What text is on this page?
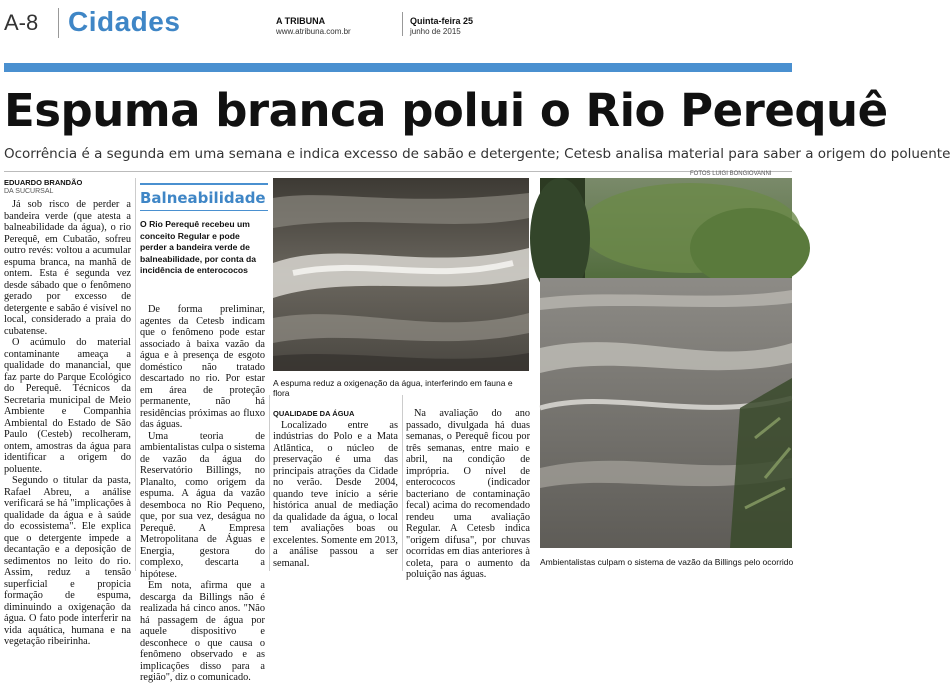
A-8 Cidades	A TRIBUNA
www.atribuna.com.br
Quinta-feira 25
junho de 2015
Espuma branca polui o Rio Perequê
Ocorrência é a segunda em uma semana e indica excesso de sabão e detergente; Cetesb analisa material para saber a origem do poluente
EDUARDO BRANDÃO
DA SUCURSAL

Já sob risco de perder a bandeira verde (que atesta a balneabilidade da água), o rio Perequê, em Cubatão, sofreu outro revés: voltou a acumular espuma branca, na manhã de ontem. Esta é segunda vez desde sábado que o fenômeno gerado por excesso de detergente e sabão é visível no local, considerado a praia do cubatense.

O acúmulo do material contaminante ameaça a qualidade do manancial, que faz parte do Parque Ecológico do Perequê. Técnicos da Secretaria municipal de Meio Ambiente e Companhia Ambiental do Estado de São Paulo (Cesteb) recolheram, ontem, amostras da água para identificar a origem do poluente.

Segundo o titular da pasta, Rafael Abreu, a análise verificará se há "implicações à qualidade da água e à saúde do ecossistema". Ele explica que o detergente impede a decantação e a deposição de sedimentos no leito do rio. Assim, reduz a tensão superficial e propicia formação de espuma, diminuindo a oxigenação da água. O fato pode interferir na vida aquática, humana e na vegetação ribeirinha.

Balneabilidade
O Rio Perequê recebeu um conceito Regular e pode perder a bandeira verde de balneabilidade, por conta da incidência de enterococos

De forma preliminar, agentes da Cetesb indicam que o fenômeno pode estar associado à baixa vazão da água e à presença de esgoto doméstico não tratado descartado no rio. Por estar em área de proteção permanente, não há residências próximas ao fluxo das águas.

Uma teoria de ambientalistas culpa o sistema de vazão da água do Reservatório Billings, no Planalto, como origem da espuma. A água da vazão desemboca no Rio Pequeno, que, por sua vez, deságua no Perequê. A Empresa Metropolitana de Águas e Energia, gestora do complexo, descarta a hipótese.

Em nota, afirma que a descarga da Billings não é realizada há cinco anos. "Não há passagem de água por aquele dispositivo e desconhece o que causa o fenômeno observado e as implicações disso para a região", diz o comunicado.

QUALIDADE DA ÁGUA

Localizado entre as indústrias do Polo e a Mata Atlântica, o núcleo de preservação é uma das principais atrações da Cidade no verão. Desde 2004, quando teve início a série histórica anual de mediação da qualidade da água, o local tem avaliações boas ou excelentes. Somente em 2013, a análise passou a ser semanal.

Na avaliação do ano passado, divulgada há duas semanas, o Perequê ficou por três semanas, entre maio e abril, na condição de imprópria. O nível de enterococos (indicador bacteriano de contaminação fecal) acima do recomendado rendeu uma avaliação Regular. A Cetesb indica "origem difusa", por chuvas ocorridas em dias anteriores à coleta, para o aumento da poluição nas águas.

A espuma reduz a oxigenação da água, interferindo em fauna e flora
FOTOS LUIGI BONGIOVANNI
Ambientalistas culpam o sistema de vazão da Billings pelo ocorrido
